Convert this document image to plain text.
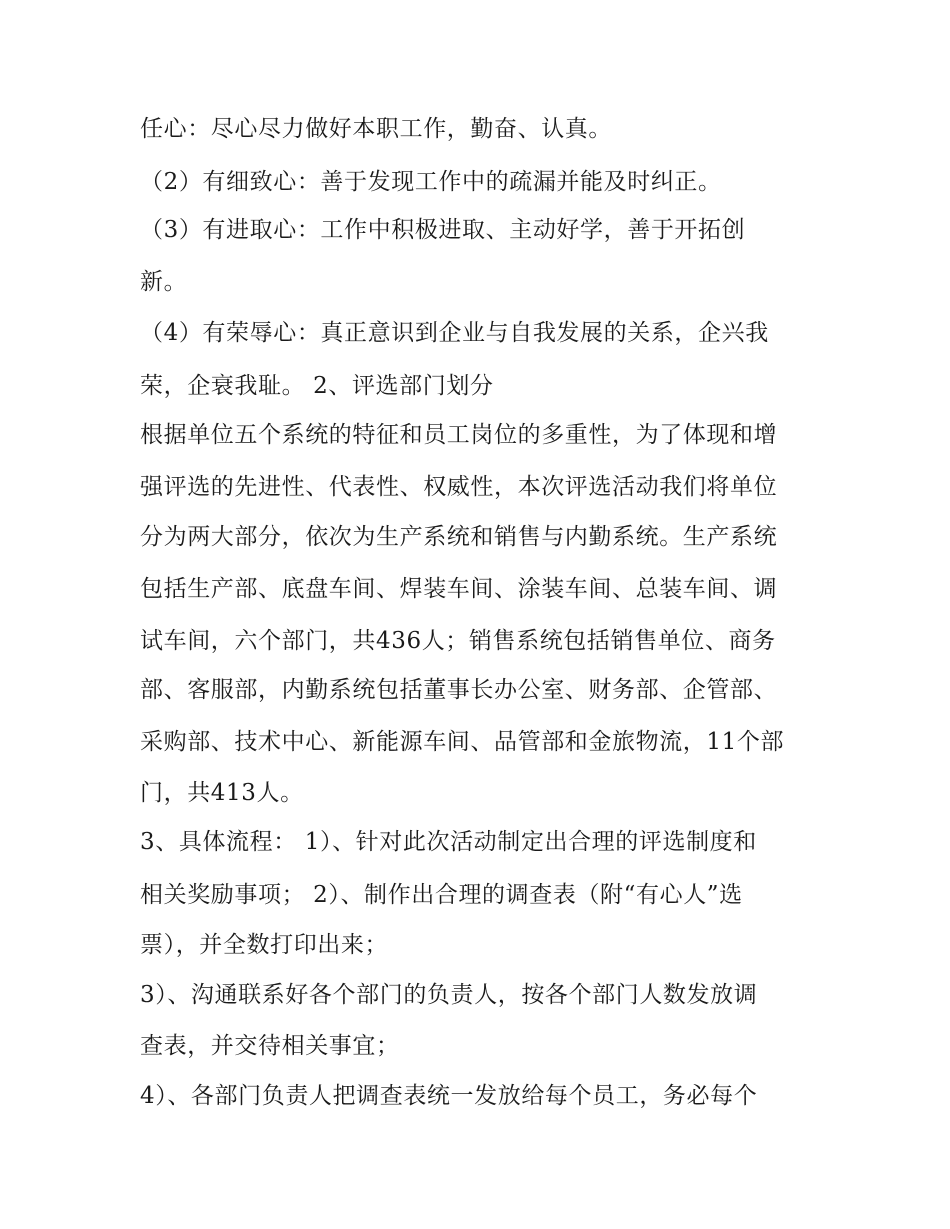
任心：尽心尽力做好本职工作，勤奋、认真。
（2）有细致心：善于发现工作中的疏漏并能及时纠正。
（3）有进取心：工作中积极进取、主动好学，善于开拓创
新。
（4）有荣辱心：真正意识到企业与自我发展的关系，企兴我
荣，企衰我耻。 2、评选部门划分
根据单位五个系统的特征和员工岗位的多重性，为了体现和增
强评选的先进性、代表性、权威性，本次评选活动我们将单位
分为两大部分，依次为生产系统和销售与内勤系统。生产系统
包括生产部、底盘车间、焊装车间、涂装车间、总装车间、调
试车间，六个部门，共436人；销售系统包括销售单位、商务
部、客服部，内勤系统包括董事长办公室、财务部、企管部、
采购部、技术中心、新能源车间、品管部和金旅物流，11个部
门，共413人。
3、具体流程： 1）、针对此次活动制定出合理的评选制度和
相关奖励事项； 2）、制作出合理的调查表（附“有心人”选
票），并全数打印出来；
3）、沟通联系好各个部门的负责人，按各个部门人数发放调
查表，并交待相关事宜；
4）、各部门负责人把调查表统一发放给每个员工，务必每个
